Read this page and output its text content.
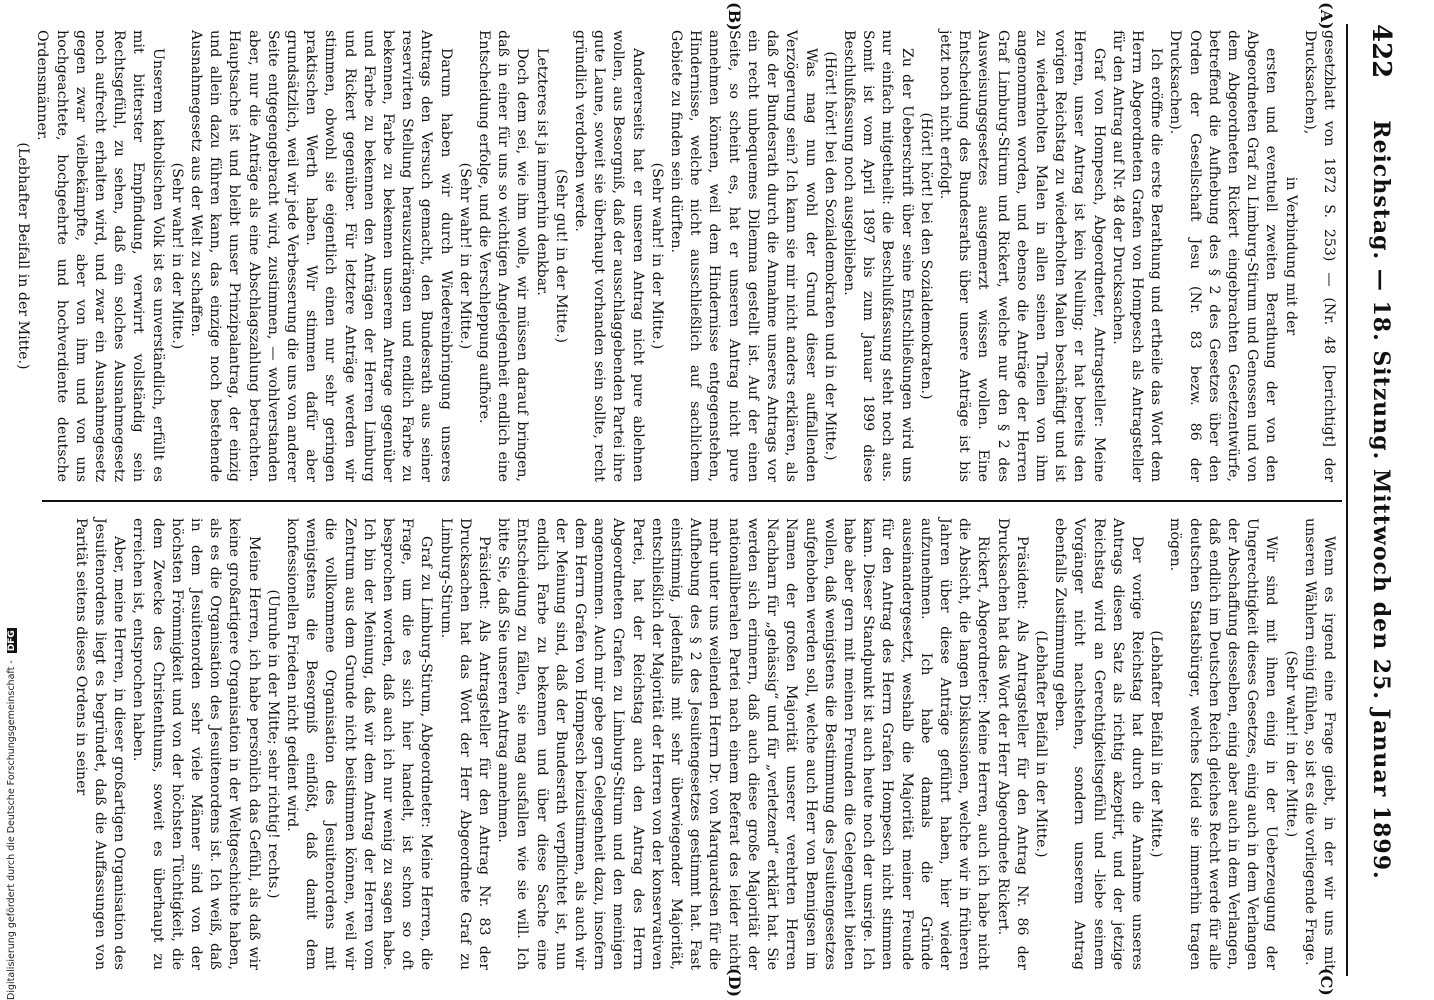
422
Reichstag. — 18. Sitzung. Mittwoch den 25. Januar 1899.
(A)
(B)
(C)
(D)

gesetzblatt von 1872 S. 253) — (Nr. 48 [berichtigt] der Drucksachen),

in Verbindung mit der

ersten und eventuell zweiten Berathung der von den Abgeordneten Graf zu Limburg-Stirum und Genossen und von dem Abgeordneten Rickert eingebrachten Gesetzentwürfe, betreffend die Aufhebung des § 2 des Gesetzes über den Orden der Gesellschaft Jesu (Nr. 83 bezw. 86 der Drucksachen).

Ich eröffne die erste Berathung und ertheile das Wort dem Herrn Abgeordneten Grafen von Hompesch als Antragsteller für den Antrag auf Nr. 48 der Drucksachen.

Graf von Hompesch, Abgeordneter, Antragsteller: Meine Herren, unser Antrag ist kein Neuling; er hat bereits den vorigen Reichstag zu wiederholten Malen beschäftigt und ist zu wiederholten Malen in allen seinen Theilen von ihm angenommen worden, und ebenso die Anträge der Herren Graf Limburg-Stirum und Rickert, welche nur den § 2 des Ausweisungsgesetzes ausgemerzt wissen wollen. Eine Entscheidung des Bundesraths über unsere Anträge ist bis jetzt noch nicht erfolgt.

(Hört! hört! bei den Sozialdemokraten.)

Zu der Ueberschrift über seine Entschließungen wird uns nur einfach mitgetheilt: die Beschlußfassung steht noch aus. Somit ist vom April 1897 bis zum Januar 1899 diese Beschlußfassung noch ausgeblieben.

(Hört! hört! bei den Sozialdemokraten und in der Mitte.)

Was mag nun wohl der Grund dieser auffallenden Verzögerung sein? Ich kann sie mir nicht anders erklären, als daß der Bundesrath durch die Annahme unseres Antrags vor ein recht unbequemes Dilemma gestellt ist. Auf der einen Seite, so scheint es, hat er unseren Antrag nicht pure annehmen können, weil dem Hindernisse entgegenstehen, Hindernisse, welche nicht ausschließlich auf sachlichem Gebiete zu finden sein dürften.

(Sehr wahr! in der Mitte.)

Andererseits hat er unseren Antrag nicht pure ablehnen wollen, aus Besorgniß, daß der ausschlaggebenden Partei ihre gute Laune, soweit sie überhaupt vorhanden sein sollte, recht gründlich verdorben werde.

(Sehr gut! in der Mitte.)

Letzteres ist ja immerhin denkbar.

Doch dem sei, wie ihm wolle, wir müssen darauf bringen, daß in einer für uns so wichtigen Angelegenheit endlich eine Entscheidung erfolge, und die Verschleppung aufhöre.

(Sehr wahr! in der Mitte.)

Darum haben wir durch Wiedereinbringung unseres Antrags den Versuch gemacht, den Bundesrath aus seiner reservirten Stellung herauszudrängen und endlich Farbe zu bekennen, Farbe zu bekennen unserem Antrage gegenüber und Farbe zu bekennen den Anträgen der Herren Limburg und Rickert gegenüber. Für letztere Anträge werden wir stimmen, obwohl sie eigentlich einen nur sehr geringen praktischen Werth haben. Wir stimmen dafür aber grundsätzlich, weil wir jede Verbesserung die uns von anderer Seite entgegengebracht wird, zustimmen, — wohlverstanden aber, nur die Anträge als eine Abschlagszahlung betrachten. Hauptsache ist und bleibt unser Prinzipalantrag, der einzig und allein dazu führen kann, das einzige noch bestehende Ausnahmegesetz aus der Welt zu schaffen.

(Sehr wahr! in der Mitte.)

Unserem katholischen Volk ist es unverständlich, erfüllt es mit bitterster Empfindung, verwirrt vollständig sein Rechtsgefühl, zu sehen, daß ein solches Ausnahmegesetz noch aufrecht erhalten wird, und zwar ein Ausnahmegesetz gegen zwar vielbekämpfte, aber von ihm und von uns hochgeachtete, hochgeehrte und hochverdiente deutsche Ordensmänner.

(Lebhafter Beifall in der Mitte.)

Wenn es irgend eine Frage giebt, in der wir uns mit unseren Wählern einig fühlen, so ist es die vorliegende Frage.

(Sehr wahr! in der Mitte.)

Wir sind mit ihnen einig in der Ueberzeugung der Ungerechtigkeit dieses Gesetzes, einig auch in dem Verlangen der Abschaffung desselben, einig aber auch in dem Verlangen, daß endlich im Deutschen Reich gleiches Recht werde für alle deutschen Staatsbürger, welches Kleid sie immerhin tragen mögen.

(Lebhafter Beifall in der Mitte.)

Der vorige Reichstag hat durch die Annahme unseres Antrags diesen Satz als richtig akzeptirt, und der jetzige Reichstag wird an Gerechtigkeitsgefühl und -liebe seinem Vorgänger nicht nachstehen, sondern unserem Antrag ebenfalls Zustimmung geben.

(Lebhafter Beifall in der Mitte.)

Präsident: Als Antragsteller für den Antrag Nr. 86 der Drucksachen hat das Wort der Herr Abgeordnete Rickert.

Rickert, Abgeordneter: Meine Herren, auch ich habe nicht die Absicht, die langen Diskussionen, welche wir in früheren Jahren über diese Anträge geführt haben, hier wieder aufzunehmen. Ich habe damals die Gründe auseinandergesetzt, weshalb die Majorität meiner Freunde für den Antrag des Herrn Grafen Hompesch nicht stimmen kann. Dieser Standpunkt ist auch heute noch der unsrige. Ich habe aber gern mit meinen Freunden die Gelegenheit bieten wollen, daß wenigstens die Bestimmung des Jesuitengesetzes aufgehoben werden soll, welche auch Herr von Bennigsen im Namen der großen Majorität unserer verehrten Herren Nachbarn für „gehässig“ und für „verletzend“ erklärt hat. Sie werden sich erinnern, daß auch diese große Majorität der nationalliberalen Partei nach einem Referat des leider nicht mehr unter uns weilenden Herrn Dr. von Marquardsen für die Aufhebung des § 2 des Jesuitengesetzes gestimmt hat. Fast einstimmig, jedenfalls mit sehr überwiegender Majorität, entschließlich der Majorität der Herren von der konservativen Partei, hat der Reichstag auch den Antrag des Herrn Abgeordneten Grafen zu Limburg-Stirum und den meinigen angenommen. Auch mir gebe gern Gelegenheit dazu, insofern dem Herrn Grafen von Hompesch beizustimmen, als auch wir der Meinung sind, daß der Bundesrath verpflichtet ist, nun endlich Farbe zu bekennen und über diese Sache eine Entscheidung zu fällen, sie mag ausfallen wie sie will. Ich bitte Sie, daß Sie unseren Antrag annehmen.

Präsident: Als Antragsteller für den Antrag Nr. 83 der Drucksachen hat das Wort der Herr Abgeordnete Graf zu Limburg-Stirum.

Graf zu Limburg-Stirum, Abgeordneter: Meine Herren, die Frage, um die es sich hier handelt, ist schon so oft besprochen worden, daß auch ich nur wenig zu sagen habe. Ich bin der Meinung, daß wir dem Antrag der Herren vom Zentrum aus dem Grunde nicht beistimmen können, weil wir die vollkommene Organisation des Jesuitenordens mit wenigstens die Besorgniß einflößt, daß damit dem konfessionellen Frieden nicht gedient wird.

(Unruhe in der Mitte; sehr richtig! rechts.)

Meine Herren, ich habe persönlich das Gefühl, als daß wir keine großartigere Organisation in der Weltgeschichte haben, als es die Organisation des Jesuitenordens ist. Ich weiß, daß in dem Jesuitenorden sehr viele Männer sind von der höchsten Frömmigkeit und von der höchsten Tüchtigkeit, die dem Zwecke des Christenthums, soweit es überhaupt zu erreichen ist, entsprochen haben.

Aber, meine Herren, in dieser großartigen Organisation des Jesuitenordens liegt es begründet, daß die Auffassungen von Parität seitens dieses Ordens in seiner

Digitalisierung gefördert durch die Deutsche Forschungsgemeinschaft - DFG
